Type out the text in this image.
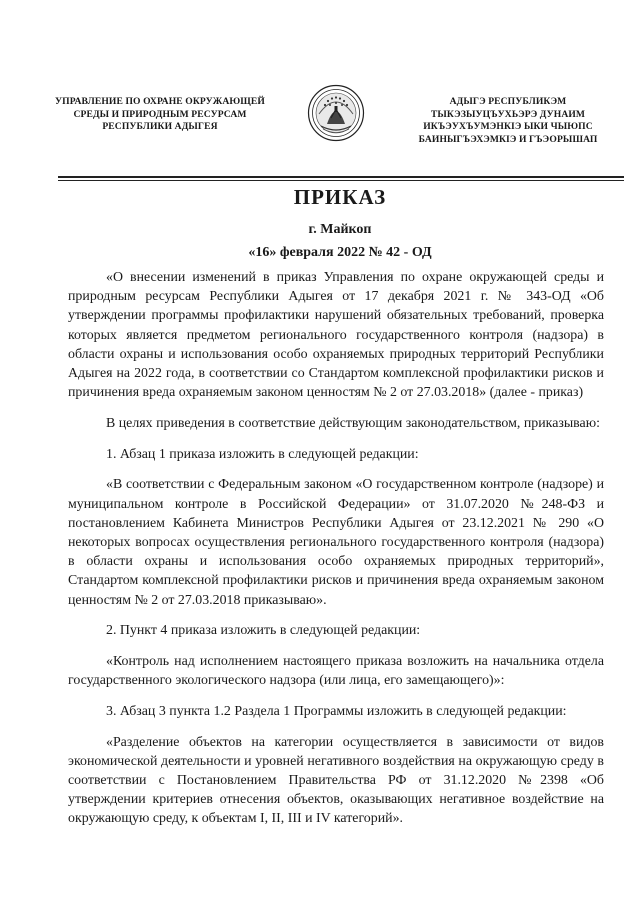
УПРАВЛЕНИЕ ПО ОХРАНЕ ОКРУЖАЮЩЕЙ
СРЕДЫ И ПРИРОДНЫМ РЕСУРСАМ
РЕСПУБЛИКИ АДЫГЕЯ
АДЫГЭ РЕСПУБЛИКЭМ
ТЫКЭЗЫУЦЪУХЬЭРЭ ДУНАИМ
ИКЪЭУХЪУМЭНКІЭ ЫКИ ЧЫЮПС
БАИНЫГЪЭХЭМКІЭ И ГЪЭОРЫШАП
ПРИКАЗ
г. Майкоп
«16» февраля 2022 № 42 - ОД

«О внесении изменений в приказ Управления по охране окружающей среды и природным ресурсам Республики Адыгея от 17 декабря 2021 г. № 343-ОД «Об утверждении программы профилактики нарушений обязательных требований, проверка которых является предметом регионального государственного контроля (надзора) в области охраны и использования особо охраняемых природных территорий Республики Адыгея на 2022 года, в соответствии со Стандартом комплексной профилактики рисков и причинения вреда охраняемым законом ценностям № 2 от 27.03.2018» (далее - приказ)

В целях приведения в соответствие действующим законодательством, приказываю:

1. Абзац 1 приказа изложить в следующей редакции:

«В соответствии с Федеральным законом «О государственном контроле (надзоре) и муниципальном контроле в Российской Федерации» от 31.07.2020 №248-ФЗ и постановлением Кабинета Министров Республики Адыгея от 23.12.2021 № 290 «О некоторых вопросах осуществления регионального государственного контроля (надзора) в области охраны и использования особо охраняемых природных территорий», Стандартом комплексной профилактики рисков и причинения вреда охраняемым законом ценностям № 2 от 27.03.2018 приказываю».

2. Пункт 4 приказа изложить в следующей редакции:

«Контроль над исполнением настоящего приказа возложить на начальника отдела государственного экологического надзора (или лица, его замещающего)»:

3. Абзац 3 пункта 1.2 Раздела 1 Программы изложить в следующей редакции:

«Разделение объектов на категории осуществляется в зависимости от видов экономической деятельности и уровней негативного воздействия на окружающую среду в соответствии с Постановлением Правительства РФ от 31.12.2020 №2398 «Об утверждении критериев отнесения объектов, оказывающих негативное воздействие на окружающую среду, к объектам I, II, III и IV категорий».
